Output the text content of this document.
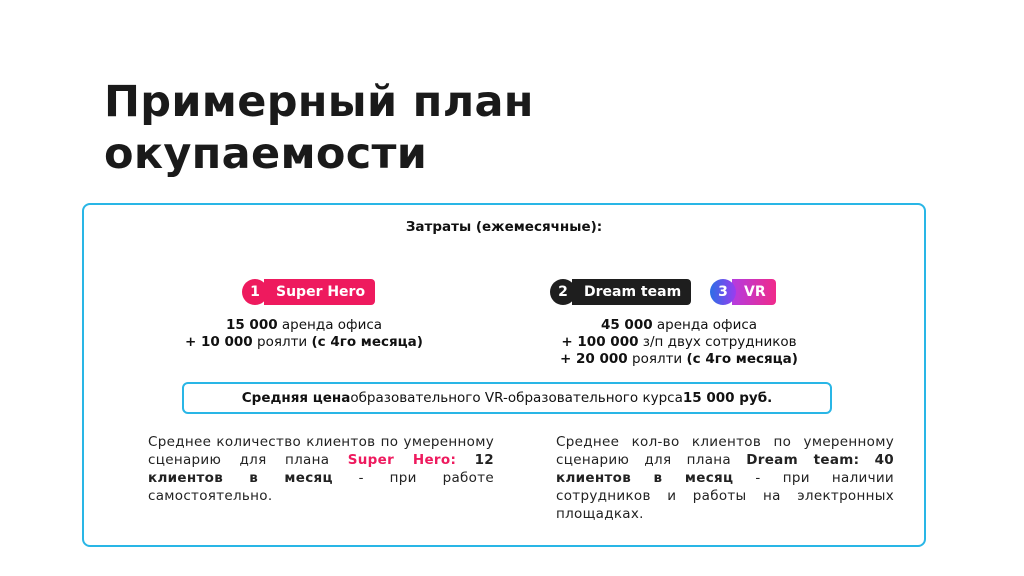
Примерный план
окупаемости
Затраты (ежемесячные):
1	Super Hero	2	Dream team	3	VR
15 000 аренда офиса
+ 10 000 роялти (с 4го месяца)
45 000 аренда офиса
+ 100 000 з/п двух сотрудников
+ 20 000 роялти (с 4го месяца)
Средняя цена образовательного VR-образовательного курса 15 000 руб.
Среднее количество клиентов по умеренному сценарию для плана Super Hero: 12 клиентов в месяц - при работе самостоятельно.
Среднее кол-во клиентов по умеренному сценарию для плана Dream team: 40 клиентов в месяц - при наличии сотрудников и работы на электронных площадках.
